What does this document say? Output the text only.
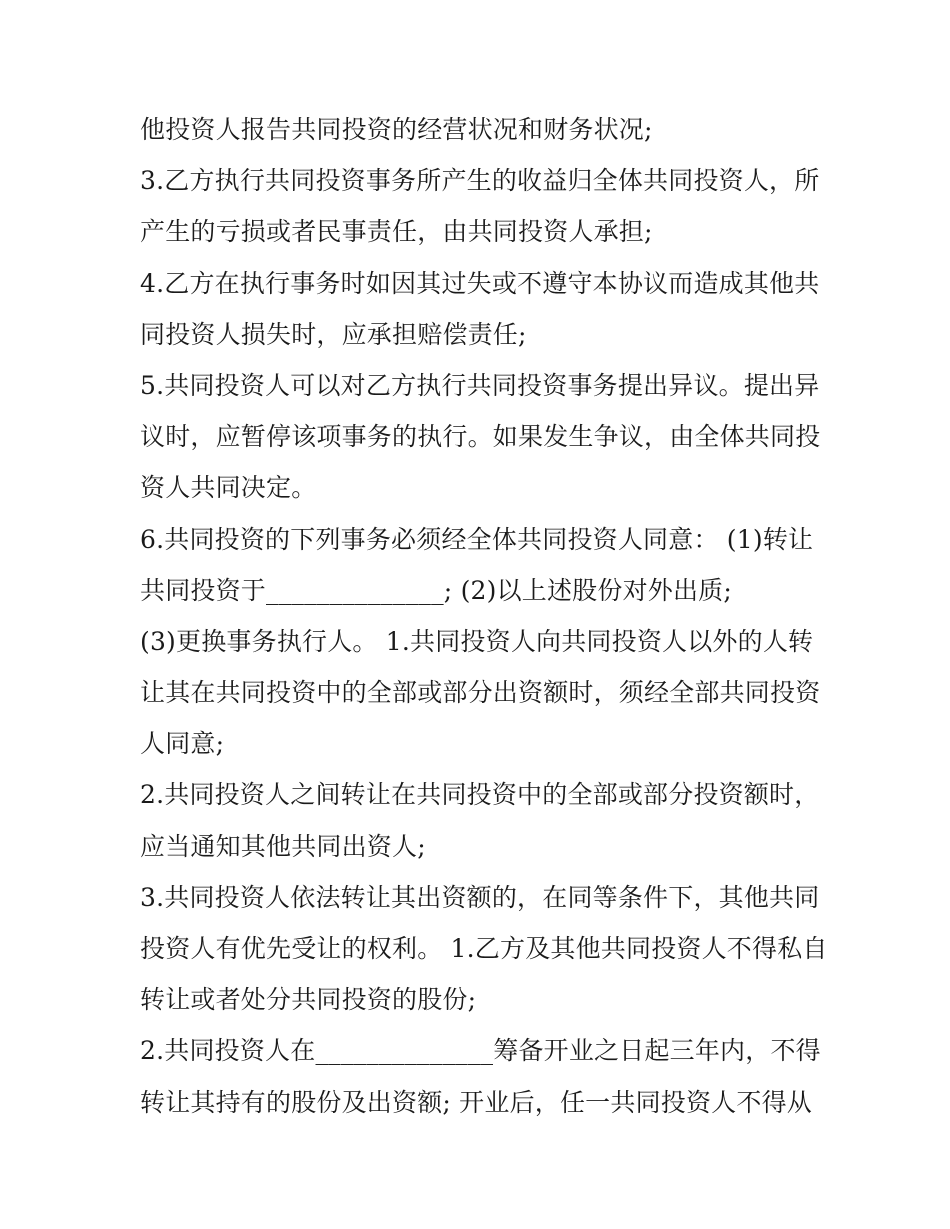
他投资人报告共同投资的经营状况和财务状况;
3.乙方执行共同投资事务所产生的收益归全体共同投资人，所
产生的亏损或者民事责任，由共同投资人承担;
4.乙方在执行事务时如因其过失或不遵守本协议而造成其他共
同投资人损失时，应承担赔偿责任;
5.共同投资人可以对乙方执行共同投资事务提出异议。提出异
议时，应暂停该项事务的执行。如果发生争议，由全体共同投
资人共同决定。
6.共同投资的下列事务必须经全体共同投资人同意： (1)转让
共同投资于______________; (2)以上述股份对外出质;
(3)更换事务执行人。 1.共同投资人向共同投资人以外的人转
让其在共同投资中的全部或部分出资额时，须经全部共同投资
人同意;
2.共同投资人之间转让在共同投资中的全部或部分投资额时，
应当通知其他共同出资人;
3.共同投资人依法转让其出资额的，在同等条件下，其他共同
投资人有优先受让的权利。 1.乙方及其他共同投资人不得私自
转让或者处分共同投资的股份;
2.共同投资人在______________筹备开业之日起三年内，不得
转让其持有的股份及出资额; 开业后，任一共同投资人不得从
